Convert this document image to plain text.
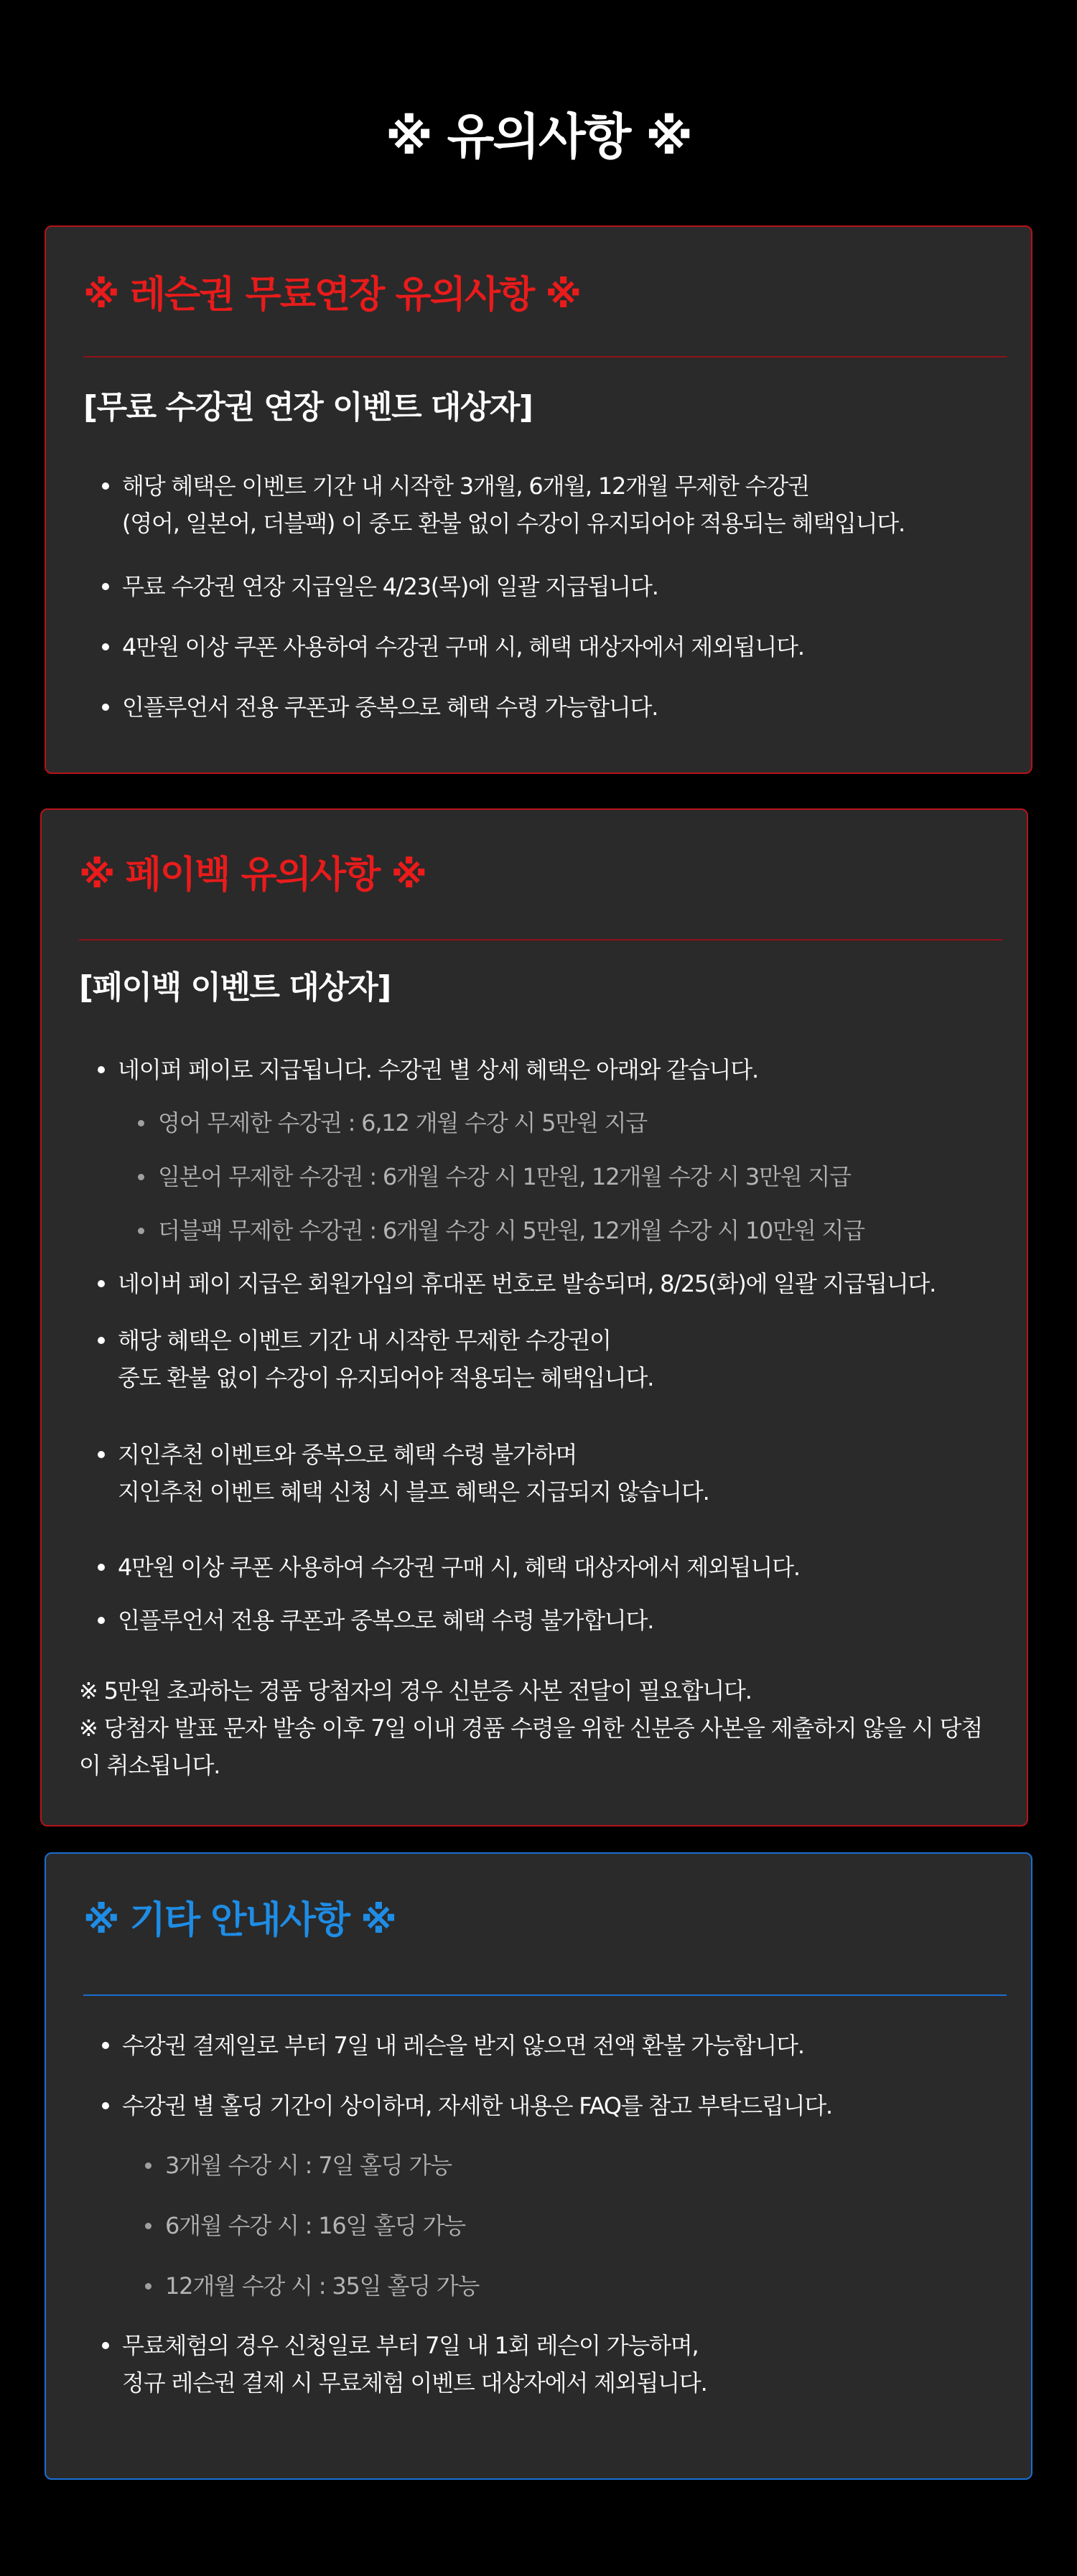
※ 유의사항 ※
※ 레슨권 무료연장 유의사항 ※
[무료 수강권 연장 이벤트 대상자]
해당 혜택은 이벤트 기간 내 시작한 3개월, 6개월, 12개월 무제한 수강권
(영어, 일본어, 더블팩) 이 중도 환불 없이 수강이 유지되어야 적용되는 혜택입니다.
무료 수강권 연장 지급일은 4/23(목)에 일괄 지급됩니다.
4만원 이상 쿠폰 사용하여 수강권 구매 시, 혜택 대상자에서 제외됩니다.
인플루언서 전용 쿠폰과 중복으로 혜택 수령 가능합니다.
※ 페이백 유의사항 ※
[페이백 이벤트 대상자]
네이퍼 페이로 지급됩니다. 수강권 별 상세 혜택은 아래와 같습니다.
영어 무제한 수강권 : 6,12 개월 수강 시 5만원 지급
일본어 무제한 수강권 : 6개월 수강 시 1만원, 12개월 수강 시 3만원 지급
더블팩 무제한 수강권 : 6개월 수강 시 5만원, 12개월 수강 시 10만원 지급
네이버 페이 지급은 회원가입의 휴대폰 번호로 발송되며, 8/25(화)에 일괄 지급됩니다.
해당 혜택은 이벤트 기간 내 시작한 무제한 수강권이
중도 환불 없이 수강이 유지되어야 적용되는 혜택입니다.
지인추천 이벤트와 중복으로 혜택 수령 불가하며
지인추천 이벤트 혜택 신청 시 블프 혜택은 지급되지 않습니다.
4만원 이상 쿠폰 사용하여 수강권 구매 시, 혜택 대상자에서 제외됩니다.
인플루언서 전용 쿠폰과 중복으로 혜택 수령 불가합니다.
※ 5만원 초과하는 경품 당첨자의 경우 신분증 사본 전달이 필요합니다.
※ 당첨자 발표 문자 발송 이후 7일 이내 경품 수령을 위한 신분증 사본을 제출하지 않을 시 당첨
이 취소됩니다.
※ 기타 안내사항 ※
수강권 결제일로 부터 7일 내 레슨을 받지 않으면 전액 환불 가능합니다.
수강권 별 홀딩 기간이 상이하며, 자세한 내용은 FAQ를 참고 부탁드립니다.
3개월 수강 시 : 7일 홀딩 가능
6개월 수강 시 : 16일 홀딩 가능
12개월 수강 시 : 35일 홀딩 가능
무료체험의 경우 신청일로 부터 7일 내 1회 레슨이 가능하며,
정규 레슨권 결제 시 무료체험 이벤트 대상자에서 제외됩니다.
